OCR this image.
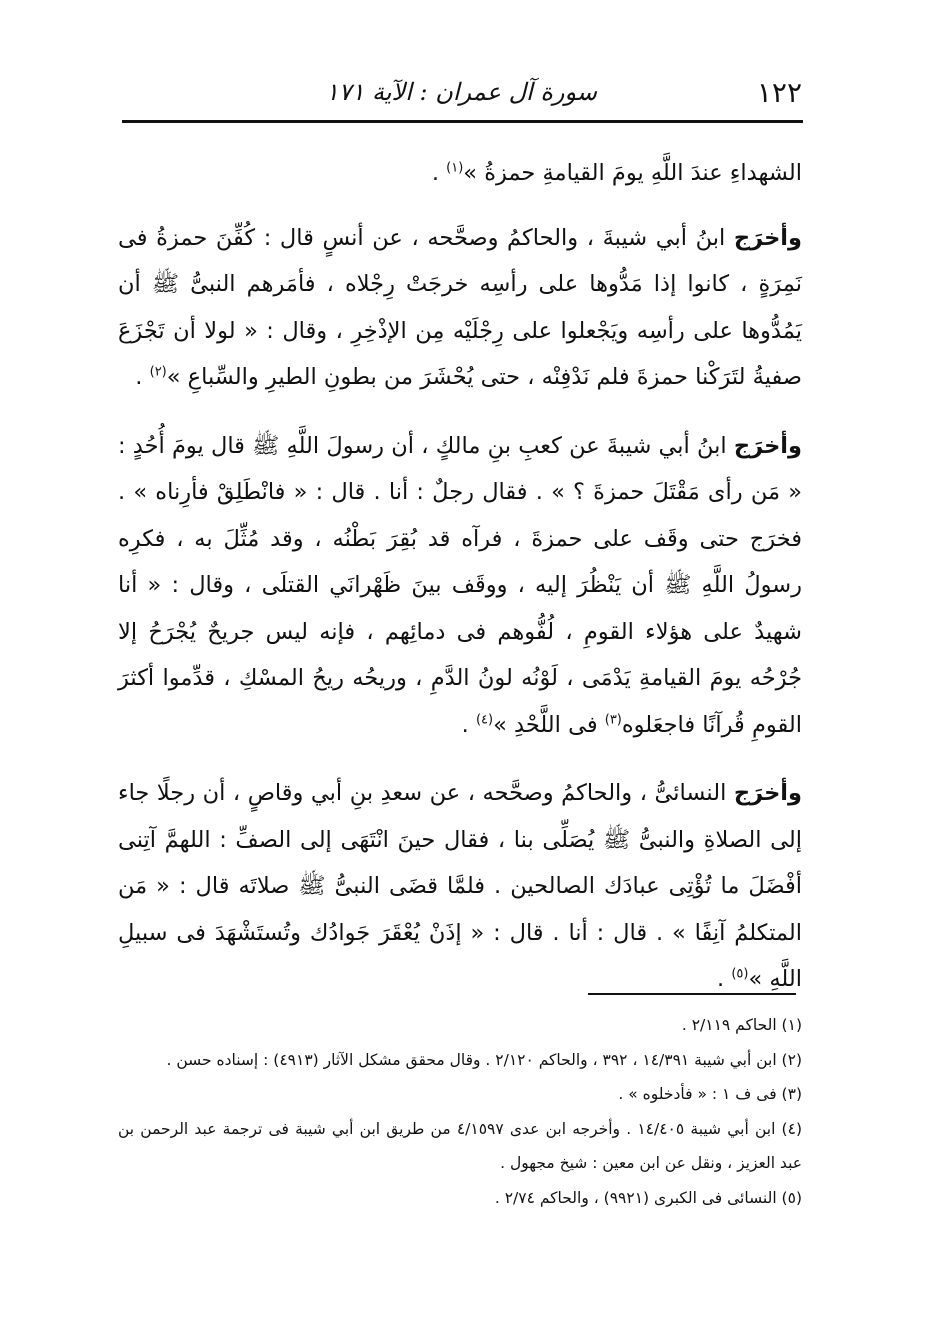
١٢٢
سورة آل عمران : الآية ١٧١

الشهداءِ عندَ اللَّهِ يومَ القيامةِ حمزةُ »$^{(١)}$ .

وأخرَج ابنُ أبي شيبةَ ، والحاكمُ وصحَّحه ، عن أنسٍ قال : كُفِّنَ حمزةُ فى نَمِرَةٍ ، كانوا إذا مَدُّوها على رأسِه خرجَتْ رِجْلاه ، فأمَرهم النبىُّ ﷺ أن يَمُدُّوها على رأسِه ويَجْعلوا على رِجْلَيْه مِن الإذْخِرِ ، وقال : « لولا أن تَجْزَعَ صفيةُ لتَرَكْنا حمزةَ فلم نَدْفِنْه ، حتى يُحْشَرَ من بطونِ الطيرِ والسِّباعِ »$^{(٢)}$ .

وأخرَج ابنُ أبي شيبةَ عن كعبِ بنِ مالكٍ ، أن رسولَ اللَّهِ ﷺ قال يومَ أُحُدٍ : « مَن رأى مَقْتَلَ حمزةَ ؟ » . فقال رجلٌ : أنا . قال : « فانْطَلِقْ فأرِناه » . فخرَج حتى وقَف على حمزةَ ، فرآه قد بُقِرَ بَطْنُه ، وقد مُثِّلَ به ، فكرِه رسولُ اللَّهِ ﷺ أن يَنْظُرَ إليه ، ووقَف بينَ ظَهْرانَي القتلَى ، وقال : « أنا شهيدٌ على هؤلاء القومِ ، لُفُّوهم فى دمائِهم ، فإنه ليس جريحٌ يُجْرَحُ إلا جُرْحُه يومَ القيامةِ يَدْمَى ، لَوْنُه لونُ الدَّمِ ، وريحُه ريحُ المسْكِ ، قدِّموا أكثرَ القومِ قُرآنًا فاجعَلوه$^{(٣)}$ فى اللَّحْدِ »$^{(٤)}$ .

وأخرَج النسائىُّ ، والحاكمُ وصحَّحه ، عن سعدِ بنِ أبي وقاصٍ ، أن رجلًا جاء إلى الصلاةِ والنبىُّ ﷺ يُصَلِّى بنا ، فقال حينَ انْتَهَى إلى الصفِّ : اللهمَّ آتِنى أفْضَلَ ما تُؤْتِى عبادَك الصالحين . فلمَّا قضَى النبىُّ ﷺ صلاتَه قال : « مَن المتكلمُ آنِفًا » . قال : أنا . قال : « إذَنْ يُعْقَرَ جَوادُك وتُستَشْهَدَ فى سبيلِ اللَّهِ »$^{(٥)}$ .

(١) الحاكم ٢/١١٩ .

(٢) ابن أبي شيبة ١٤/٣٩١ ، ٣٩٢ ، والحاكم ٢/١٢٠ . وقال محقق مشكل الآثار (٤٩١٣) : إسناده حسن .

(٣) فى ف ١ : « فأدخلوه » .

(٤) ابن أبي شيبة ١٤/٤٠٥ . وأخرجه ابن عدى ٤/١٥٩٧ من طريق ابن أبي شيبة فى ترجمة عبد الرحمن بن عبد العزيز ، ونقل عن ابن معين : شيخ مجهول .

(٥) النسائى فى الكبرى (٩٩٢١) ، والحاكم ٢/٧٤ .
